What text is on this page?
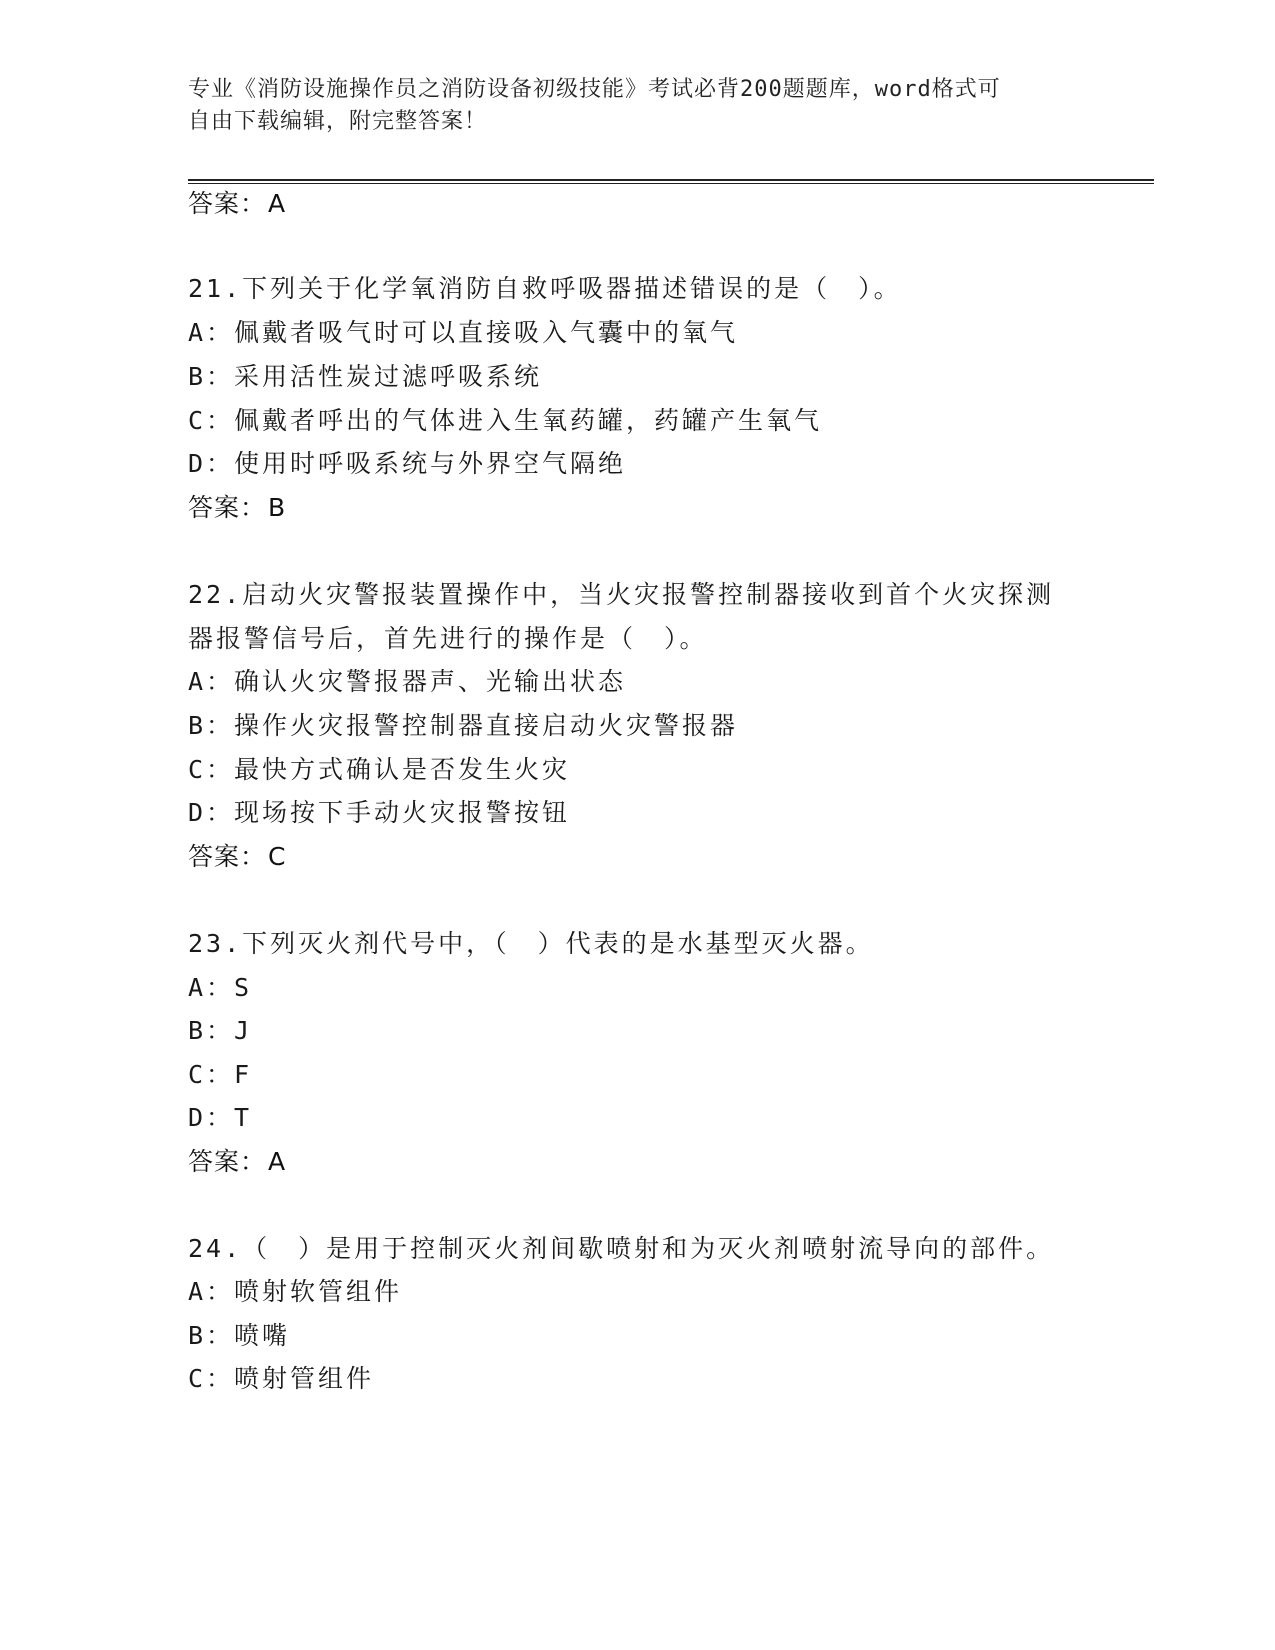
专业《消防设施操作员之消防设备初级技能》考试必背200题题库，word格式可
自由下载编辑，附完整答案！
答案：A
21.下列关于化学氧消防自救呼吸器描述错误的是（　）。
A：佩戴者吸气时可以直接吸入气囊中的氧气
B：采用活性炭过滤呼吸系统
C：佩戴者呼出的气体进入生氧药罐，药罐产生氧气
D：使用时呼吸系统与外界空气隔绝
答案：B
22.启动火灾警报装置操作中，当火灾报警控制器接收到首个火灾探测
器报警信号后，首先进行的操作是（　）。
A：确认火灾警报器声、光输出状态
B：操作火灾报警控制器直接启动火灾警报器
C：最快方式确认是否发生火灾
D：现场按下手动火灾报警按钮
答案：C
23.下列灭火剂代号中，（　）代表的是水基型灭火器。
A：S
B：J
C：F
D：T
答案：A
24.（　）是用于控制灭火剂间歇喷射和为灭火剂喷射流导向的部件。
A：喷射软管组件
B：喷嘴
C：喷射管组件
